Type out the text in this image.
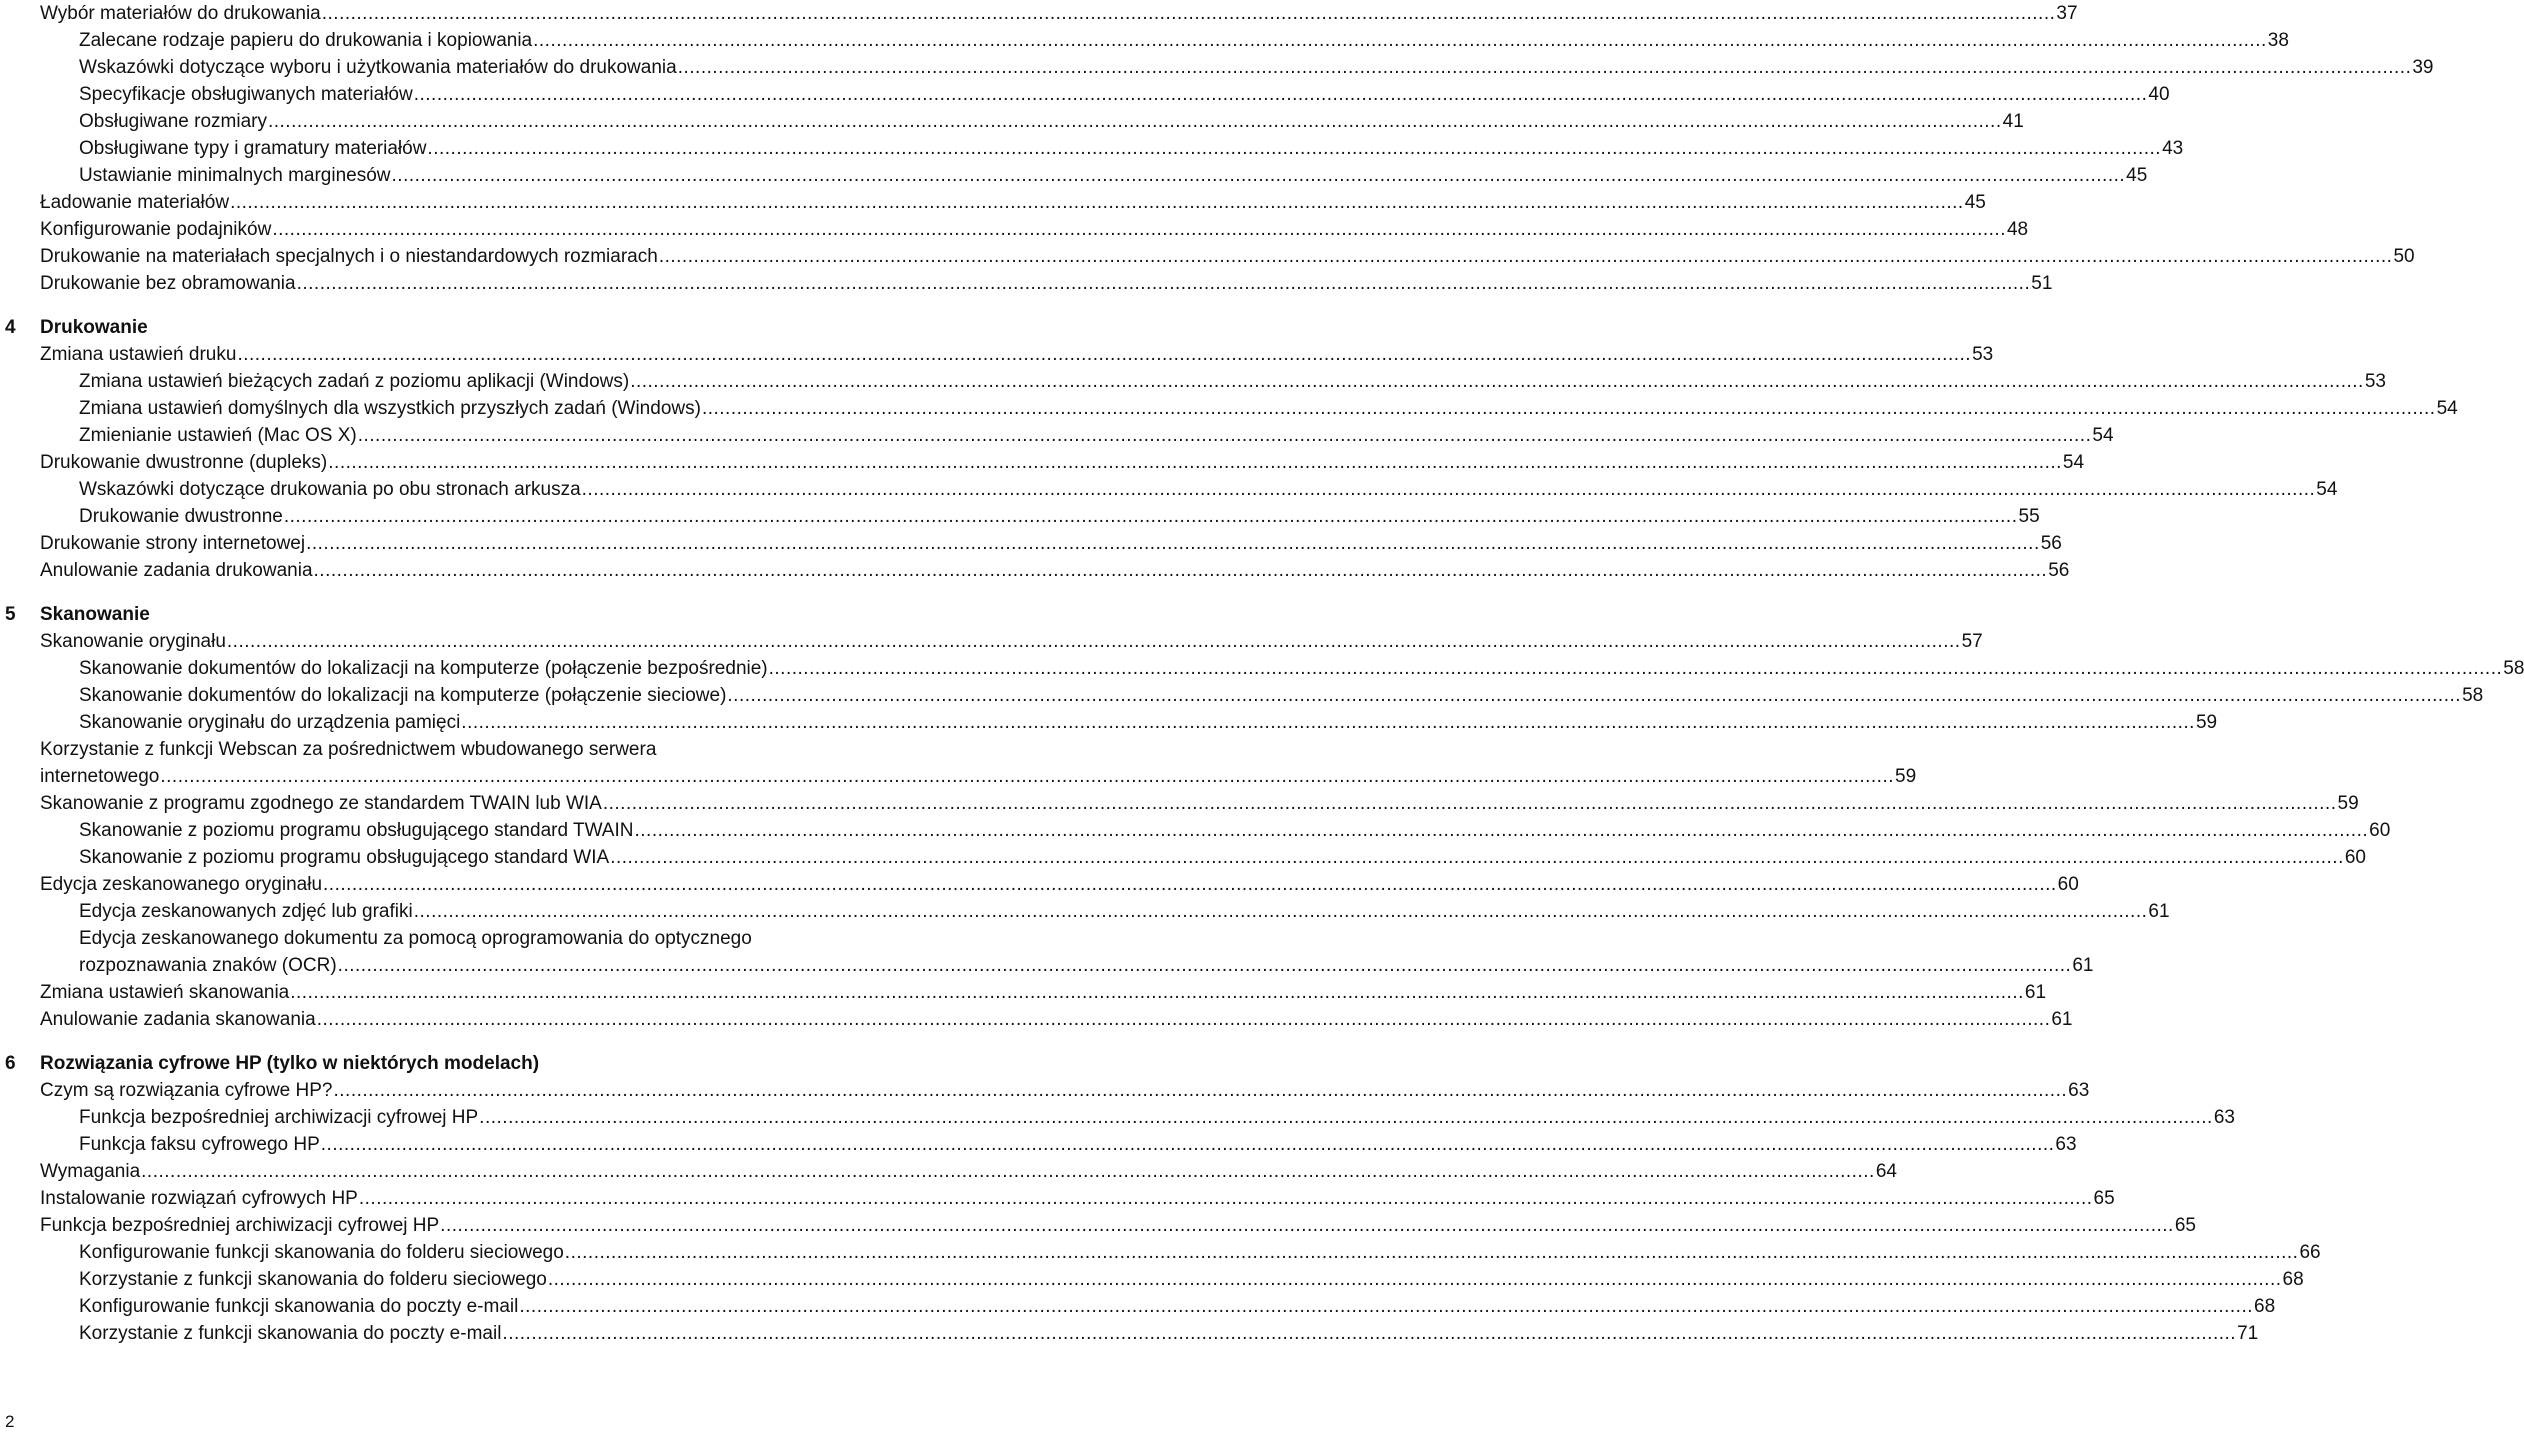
Wybór materiałów do drukowania ............................................................................................................................................................................................................................................................................................................ 37
Zalecane rodzaje papieru do drukowania i kopiowania ............................................................................................................................................................................................................................................................................................................ 38
Wskazówki dotyczące wyboru i użytkowania materiałów do drukowania ............................................................................................................................................................................................................................................................................................................ 39
Specyfikacje obsługiwanych materiałów ............................................................................................................................................................................................................................................................................................................ 40
Obsługiwane rozmiary ............................................................................................................................................................................................................................................................................................................ 41
Obsługiwane typy i gramatury materiałów ............................................................................................................................................................................................................................................................................................................ 43
Ustawianie minimalnych marginesów ............................................................................................................................................................................................................................................................................................................ 45
Ładowanie materiałów ............................................................................................................................................................................................................................................................................................................ 45
Konfigurowanie podajników ............................................................................................................................................................................................................................................................................................................ 48
Drukowanie na materiałach specjalnych i o niestandardowych rozmiarach ............................................................................................................................................................................................................................................................................................................ 50
Drukowanie bez obramowania ............................................................................................................................................................................................................................................................................................................ 51
4 Drukowanie
Zmiana ustawień druku ............................................................................................................................................................................................................................................................................................................ 53
Zmiana ustawień bieżących zadań z poziomu aplikacji (Windows) ............................................................................................................................................................................................................................................................................................................ 53
Zmiana ustawień domyślnych dla wszystkich przyszłych zadań (Windows) ............................................................................................................................................................................................................................................................................................................ 54
Zmienianie ustawień (Mac OS X) ............................................................................................................................................................................................................................................................................................................ 54
Drukowanie dwustronne (dupleks) ............................................................................................................................................................................................................................................................................................................ 54
Wskazówki dotyczące drukowania po obu stronach arkusza ............................................................................................................................................................................................................................................................................................................ 54
Drukowanie dwustronne ............................................................................................................................................................................................................................................................................................................ 55
Drukowanie strony internetowej ............................................................................................................................................................................................................................................................................................................ 56
Anulowanie zadania drukowania ............................................................................................................................................................................................................................................................................................................ 56
5 Skanowanie
Skanowanie oryginału ............................................................................................................................................................................................................................................................................................................ 57
Skanowanie dokumentów do lokalizacji na komputerze (połączenie bezpośrednie) ............................................................................................................................................................................................................................................................................................................ 58
Skanowanie dokumentów do lokalizacji na komputerze (połączenie sieciowe) ............................................................................................................................................................................................................................................................................................................ 58
Skanowanie oryginału do urządzenia pamięci ............................................................................................................................................................................................................................................................................................................ 59
Korzystanie z funkcji Webscan za pośrednictwem wbudowanego serwera
internetowego ............................................................................................................................................................................................................................................................................................................ 59
Skanowanie z programu zgodnego ze standardem TWAIN lub WIA ............................................................................................................................................................................................................................................................................................................ 59
Skanowanie z poziomu programu obsługującego standard TWAIN ............................................................................................................................................................................................................................................................................................................ 60
Skanowanie z poziomu programu obsługującego standard WIA ............................................................................................................................................................................................................................................................................................................ 60
Edycja zeskanowanego oryginału ............................................................................................................................................................................................................................................................................................................ 60
Edycja zeskanowanych zdjęć lub grafiki ............................................................................................................................................................................................................................................................................................................ 61
Edycja zeskanowanego dokumentu za pomocą oprogramowania do optycznego
rozpoznawania znaków (OCR) ............................................................................................................................................................................................................................................................................................................ 61
Zmiana ustawień skanowania ............................................................................................................................................................................................................................................................................................................ 61
Anulowanie zadania skanowania ............................................................................................................................................................................................................................................................................................................ 61
6 Rozwiązania cyfrowe HP (tylko w niektórych modelach)
Czym są rozwiązania cyfrowe HP? ............................................................................................................................................................................................................................................................................................................ 63
Funkcja bezpośredniej archiwizacji cyfrowej HP ............................................................................................................................................................................................................................................................................................................ 63
Funkcja faksu cyfrowego HP ............................................................................................................................................................................................................................................................................................................ 63
Wymagania ............................................................................................................................................................................................................................................................................................................ 64
Instalowanie rozwiązań cyfrowych HP ............................................................................................................................................................................................................................................................................................................ 65
Funkcja bezpośredniej archiwizacji cyfrowej HP ............................................................................................................................................................................................................................................................................................................ 65
Konfigurowanie funkcji skanowania do folderu sieciowego ............................................................................................................................................................................................................................................................................................................ 66
Korzystanie z funkcji skanowania do folderu sieciowego ............................................................................................................................................................................................................................................................................................................ 68
Konfigurowanie funkcji skanowania do poczty e-mail ............................................................................................................................................................................................................................................................................................................ 68
Korzystanie z funkcji skanowania do poczty e-mail ............................................................................................................................................................................................................................................................................................................ 71
2
